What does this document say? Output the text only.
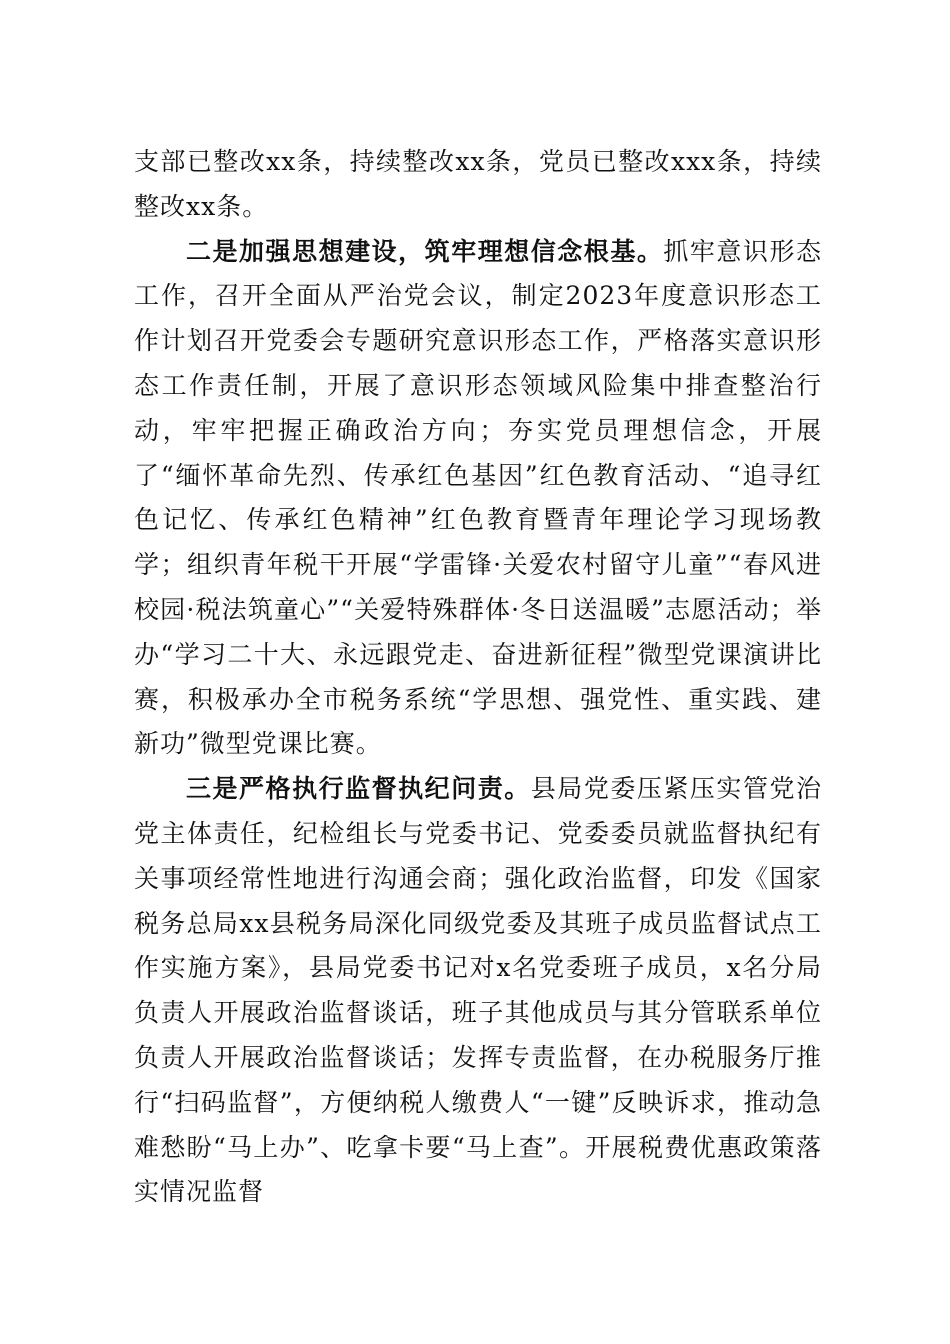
支部已整改xx条，持续整改xx条，党员已整改xxx条，持续整改xx条。

二是加强思想建设，筑牢理想信念根基。抓牢意识形态工作，召开全面从严治党会议，制定2023年度意识形态工作计划召开党委会专题研究意识形态工作，严格落实意识形态工作责任制，开展了意识形态领域风险集中排查整治行动，牢牢把握正确政治方向；夯实党员理想信念，开展了“缅怀革命先烈、传承红色基因”红色教育活动、“追寻红色记忆、传承红色精神”红色教育暨青年理论学习现场教学；组织青年税干开展“学雷锋·关爱农村留守儿童”“春风进校园·税法筑童心”“关爱特殊群体·冬日送温暖”志愿活动；举办“学习二十大、永远跟党走、奋进新征程”微型党课演讲比赛，积极承办全市税务系统“学思想、强党性、重实践、建新功”微型党课比赛。

三是严格执行监督执纪问责。县局党委压紧压实管党治党主体责任，纪检组长与党委书记、党委委员就监督执纪有关事项经常性地进行沟通会商；强化政治监督，印发《国家税务总局xx县税务局深化同级党委及其班子成员监督试点工作实施方案》，县局党委书记对x名党委班子成员，x名分局负责人开展政治监督谈话，班子其他成员与其分管联系单位负责人开展政治监督谈话；发挥专责监督，在办税服务厅推行“扫码监督”，方便纳税人缴费人“一键”反映诉求，推动急难愁盼“马上办”、吃拿卡要“马上查”。开展税费优惠政策落实情况监督
